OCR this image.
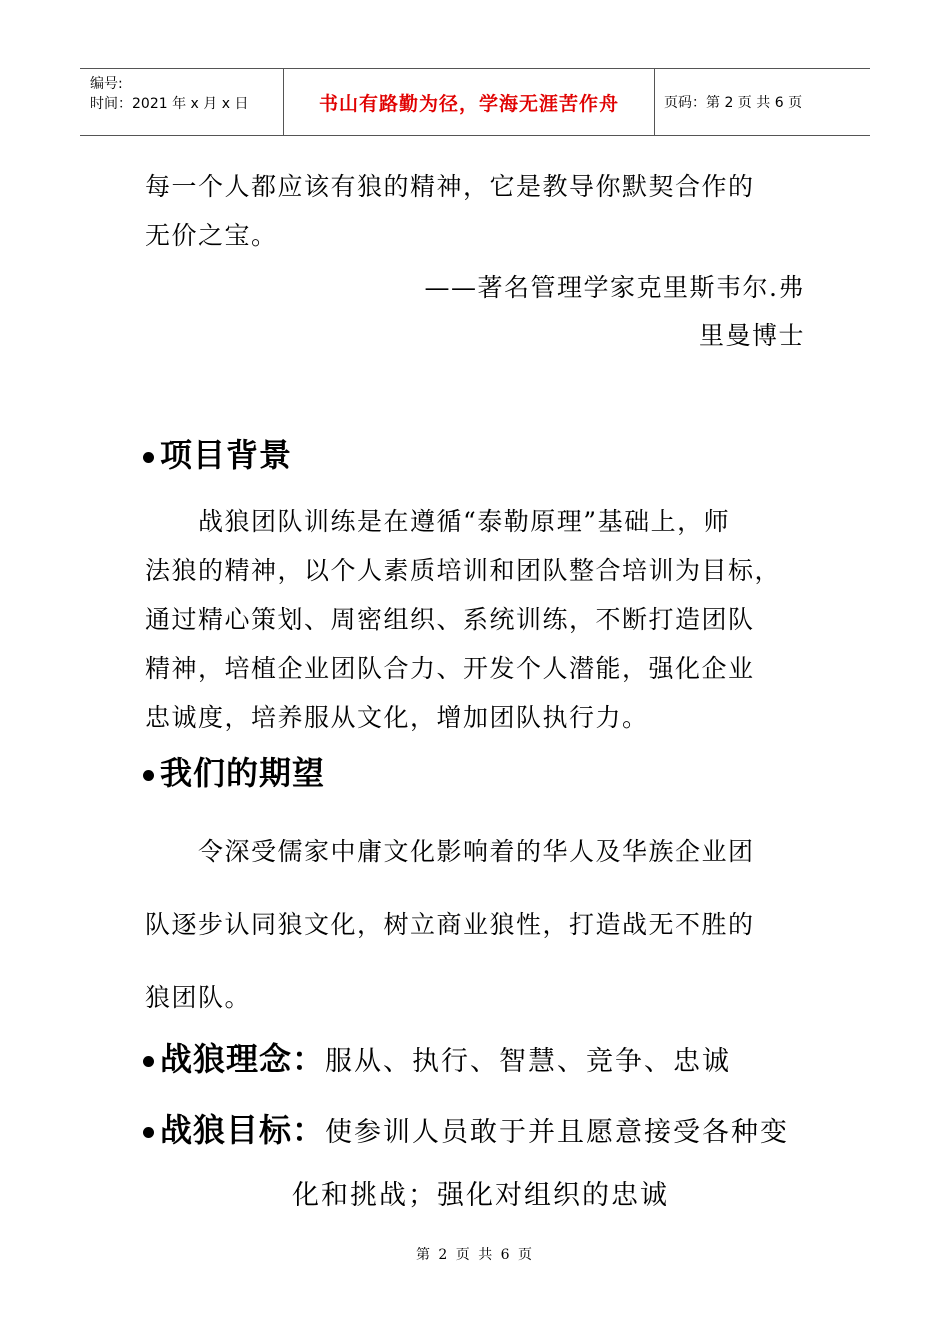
编号:
时间：2021 年 x 月 x 日	书山有路勤为径，学海无涯苦作舟	页码：第 2 页 共 6 页
每一个人都应该有狼的精神，它是教导你默契合作的
无价之宝。
——著名管理学家克里斯韦尔.弗
里曼博士
项目背景
　　战狼团队训练是在遵循“泰勒原理”基础上，师
法狼的精神，以个人素质培训和团队整合培训为目标，
通过精心策划、周密组织、系统训练，不断打造团队
精神，培植企业团队合力、开发个人潜能，强化企业
忠诚度，培养服从文化，增加团队执行力。
我们的期望
　　令深受儒家中庸文化影响着的华人及华族企业团
队逐步认同狼文化，树立商业狼性，打造战无不胜的
狼团队。
战狼理念：服从、执行、智慧、竞争、忠诚
战狼目标：使参训人员敢于并且愿意接受各种变
化和挑战；强化对组织的忠诚
第 2 页 共 6 页
